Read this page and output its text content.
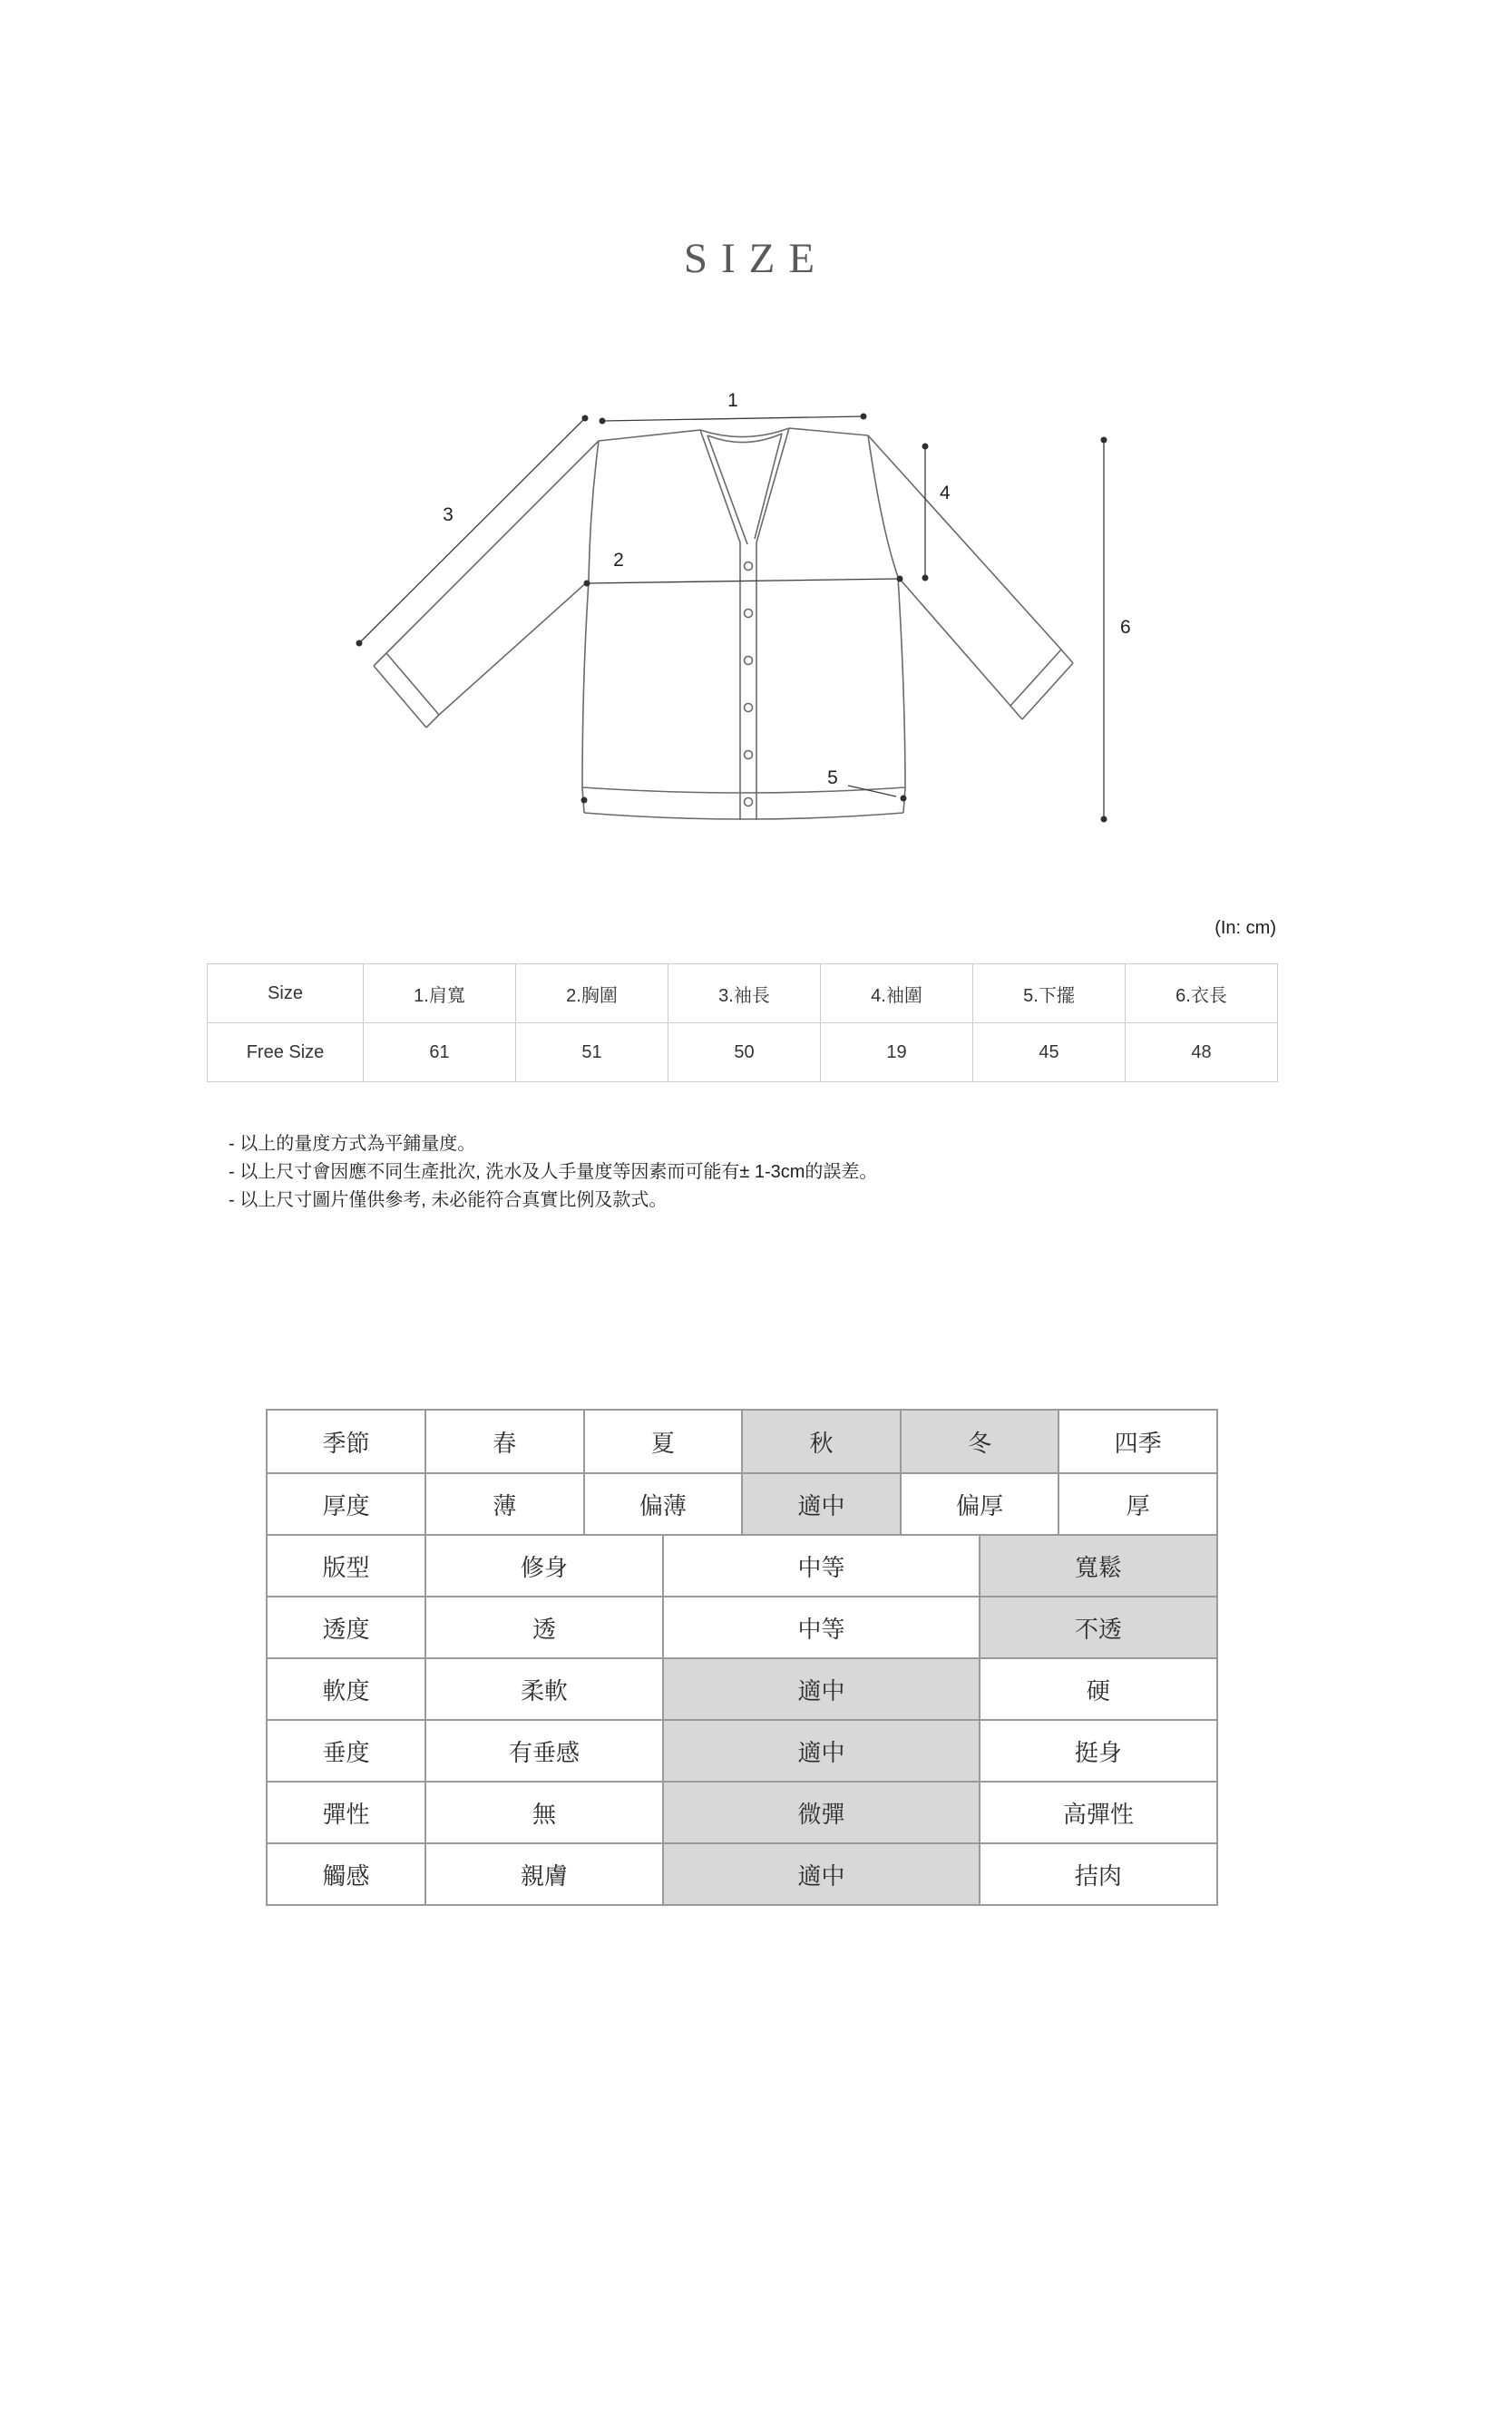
SIZE
1
2
3
4
5
6
(In: cm)
Size	1.肩寬	2.胸圍	3.袖長	4.袖圍	5.下擺	6.衣長
Free Size	61	51	50	19	45	48
- 以上的量度方式為平鋪量度。
- 以上尺寸會因應不同生產批次, 洗水及人手量度等因素而可能有± 1-3cm的誤差。
- 以上尺寸圖片僅供參考, 未必能符合真實比例及款式。
季節	春	夏	秋	冬	四季
厚度	薄	偏薄	適中	偏厚	厚
版型	修身	中等	寬鬆
透度	透	中等	不透
軟度	柔軟	適中	硬
垂度	有垂感	適中	挺身
彈性	無	微彈	高彈性
觸感	親膚	適中	拮肉
